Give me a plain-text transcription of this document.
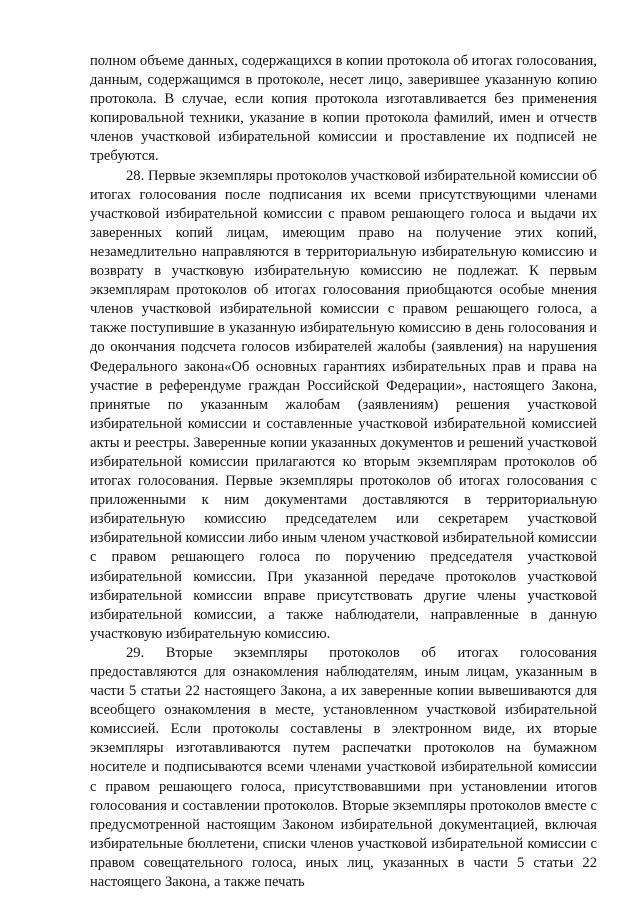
полном объеме данных, содержащихся в копии протокола об итогах голосования, данным, содержащимся в протоколе, несет лицо, заверившее указанную копию протокола. В случае, если копия протокола изготавливается без применения копировальной техники, указание в копии протокола фамилий, имен и отчеств членов участковой избирательной комиссии и проставление их подписей не требуются.

28. Первые экземпляры протоколов участковой избирательной комиссии об итогах голосования после подписания их всеми присутствующими членами участковой избирательной комиссии с правом решающего голоса и выдачи их заверенных копий лицам, имеющим право на получение этих копий, незамедлительно направляются в территориальную избирательную комиссию и возврату в участковую избирательную комиссию не подлежат. К первым экземплярам протоколов об итогах голосования приобщаются особые мнения членов участковой избирательной комиссии с правом решающего голоса, а также поступившие в указанную избирательную комиссию в день голосования и до окончания подсчета голосов избирателей жалобы (заявления) на нарушения Федерального закона«Об основных гарантиях избирательных прав и права на участие в референдуме граждан Российской Федерации», настоящего Закона, принятые по указанным жалобам (заявлениям) решения участковой избирательной комиссии и составленные участковой избирательной комиссией акты и реестры. Заверенные копии указанных документов и решений участковой избирательной комиссии прилагаются ко вторым экземплярам протоколов об итогах голосования. Первые экземпляры протоколов об итогах голосования с приложенными к ним документами доставляются в территориальную избирательную комиссию председателем или секретарем участковой избирательной комиссии либо иным членом участковой избирательной комиссии с правом решающего голоса по поручению председателя участковой избирательной комиссии. При указанной передаче протоколов участковой избирательной комиссии вправе присутствовать другие члены участковой избирательной комиссии, а также наблюдатели, направленные в данную участковую избирательную комиссию.

29. Вторые экземпляры протоколов об итогах голосования предоставляются для ознакомления наблюдателям, иным лицам, указанным в части 5 статьи 22 настоящего Закона, а их заверенные копии вывешиваются для всеобщего ознакомления в месте, установленном участковой избирательной комиссией. Если протоколы составлены в электронном виде, их вторые экземпляры изготавливаются путем распечатки протоколов на бумажном носителе и подписываются всеми членами участковой избирательной комиссии с правом решающего голоса, присутствовавшими при установлении итогов голосования и составлении протоколов. Вторые экземпляры протоколов вместе с предусмотренной настоящим Законом избирательной документацией, включая избирательные бюллетени, списки членов участковой избирательной комиссии с правом совещательного голоса, иных лиц, указанных в части 5 статьи 22 настоящего Закона, а также печать
